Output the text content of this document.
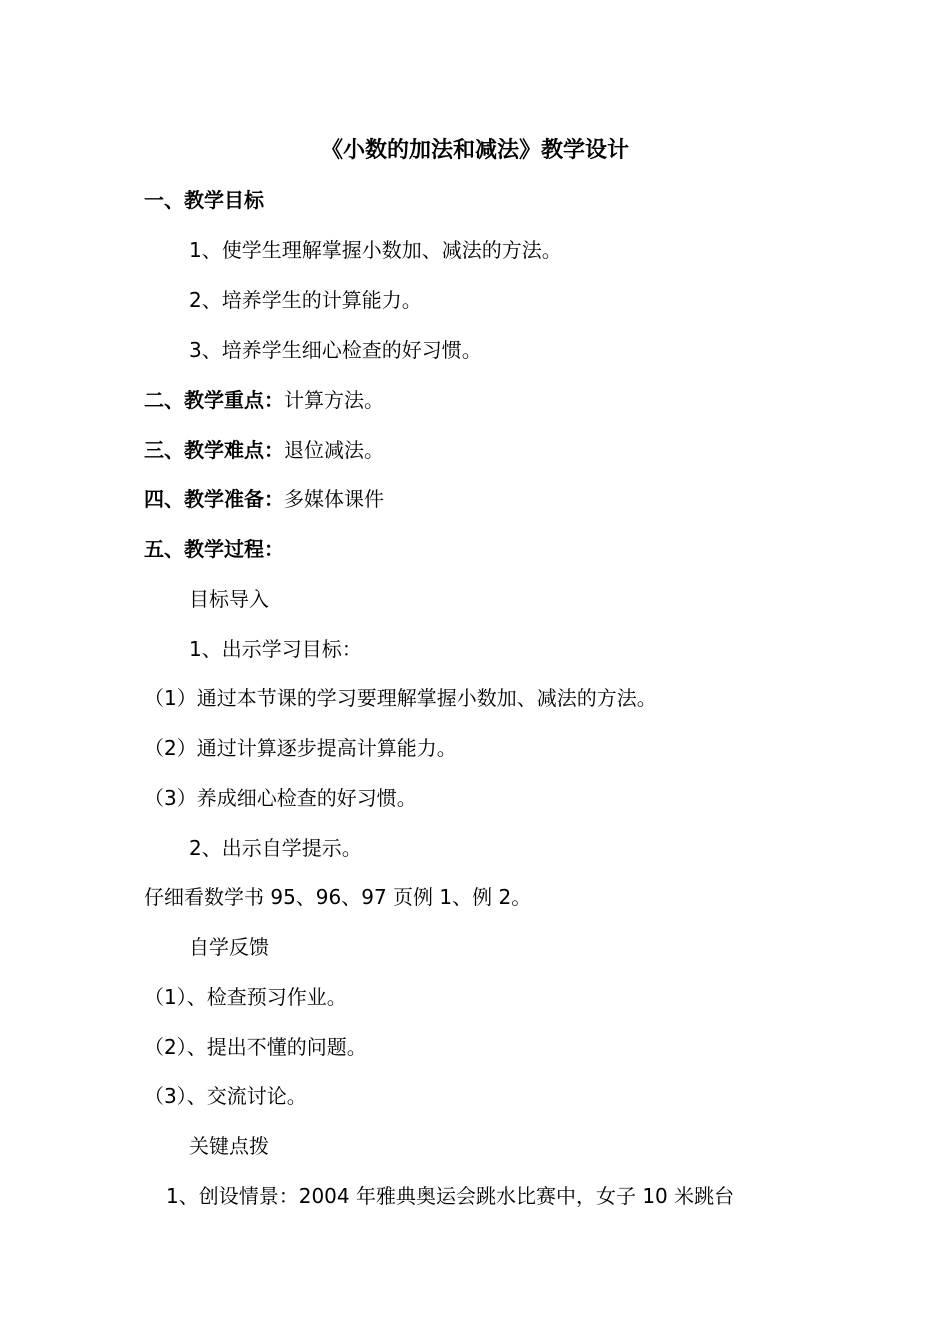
《小数的加法和减法》教学设计

一、教学目标

1、使学生理解掌握小数加、减法的方法。

2、培养学生的计算能力。

3、培养学生细心检查的好习惯。

二、教学重点：计算方法。

三、教学难点：退位减法。

四、教学准备：多媒体课件

五、教学过程：

目标导入

1、出示学习目标：

（1）通过本节课的学习要理解掌握小数加、减法的方法。

（2）通过计算逐步提高计算能力。

（3）养成细心检查的好习惯。

2、出示自学提示。

仔细看数学书 95、96、97 页例 1、例 2。

自学反馈

（1）、检查预习作业。

（2）、提出不懂的问题。

（3）、交流讨论。

关键点拨

1、创设情景：2004 年雅典奥运会跳水比赛中，女子 10 米跳台
